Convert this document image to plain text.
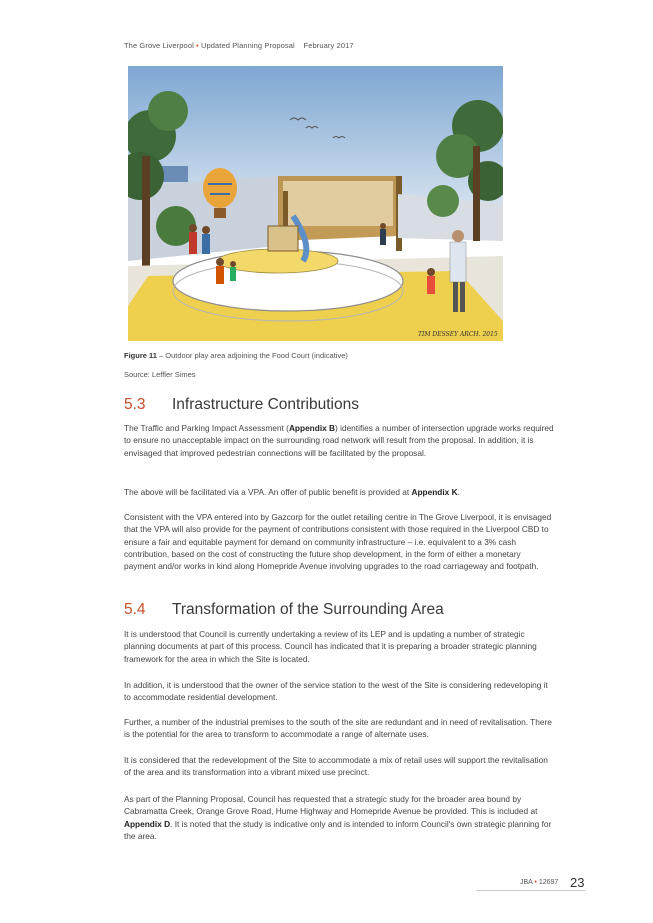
The Grove Liverpool • Updated Planning Proposal February 2017
TIM DESSEY ARCH. 2015
Figure 11 – Outdoor play area adjoining the Food Court (indicative)
Source: Leffler Simes
5.3 Infrastructure Contributions
The Traffic and Parking Impact Assessment (Appendix B) identifies a number of intersection upgrade works required to ensure no unacceptable impact on the surrounding road network will result from the proposal. In addition, it is envisaged that improved pedestrian connections will be facilitated by the proposal.
The above will be facilitated via a VPA. An offer of public benefit is provided at Appendix K.
Consistent with the VPA entered into by Gazcorp for the outlet retailing centre in The Grove Liverpool, it is envisaged that the VPA will also provide for the payment of contributions consistent with those required in the Liverpool CBD to ensure a fair and equitable payment for demand on community infrastructure – i.e. equivalent to a 3% cash contribution, based on the cost of constructing the future shop development, in the form of either a monetary payment and/or works in kind along Homepride Avenue involving upgrades to the road carriageway and footpath.
5.4 Transformation of the Surrounding Area
It is understood that Council is currently undertaking a review of its LEP and is updating a number of strategic planning documents at part of this process. Council has indicated that it is preparing a broader strategic planning framework for the area in which the Site is located.
In addition, it is understood that the owner of the service station to the west of the Site is considering redeveloping it to accommodate residential development.
Further, a number of the industrial premises to the south of the site are redundant and in need of revitalisation. There is the potential for the area to transform to accommodate a range of alternate uses.
It is considered that the redevelopment of the Site to accommodate a mix of retail uses will support the revitalisation of the area and its transformation into a vibrant mixed use precinct.
As part of the Planning Proposal, Council has requested that a strategic study for the broader area bound by Cabramatta Creek, Orange Grove Road, Hume Highway and Homepride Avenue be provided. This is included at Appendix D. It is noted that the study is indicative only and is intended to inform Council's own strategic planning for the area.
JBA • 12697 23
